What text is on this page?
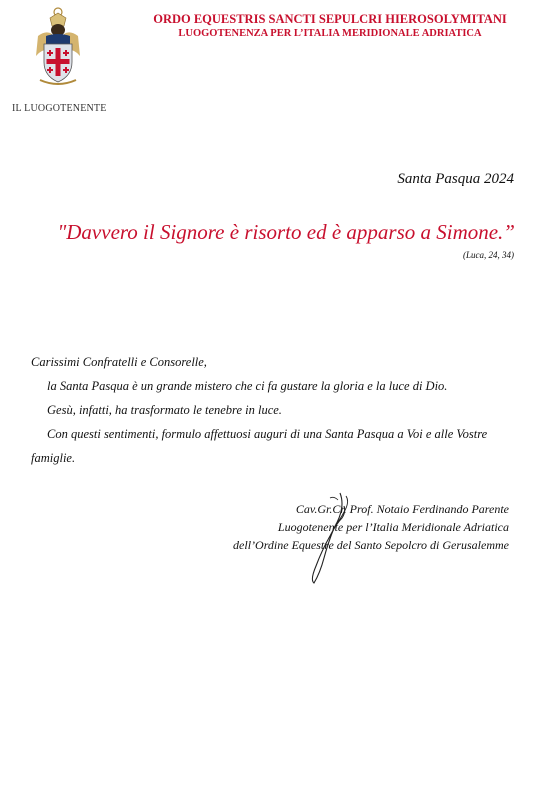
IL LUOGOTENENTE
ORDO EQUESTRIS SANCTI SEPULCRI HIEROSOLYMITANI
LUOGOTENENZA PER L’ITALIA MERIDIONALE ADRIATICA
Santa Pasqua 2024
"Davvero il Signore è risorto ed è apparso a Simone.”
(Luca, 24, 34)

Carissimi Confratelli e Consorelle,

la Santa Pasqua è un grande mistero che ci fa gustare la gloria e la luce di Dio.

Gesù, infatti, ha trasformato le tenebre in luce.

Con questi sentimenti, formulo affettuosi auguri di una Santa Pasqua a Voi e alle Vostre famiglie.

Cav.Gr.Cr. Prof. Notaio Ferdinando Parente
Luogotenente per l’Italia Meridionale Adriatica
dell’Ordine Equestre del Santo Sepolcro di Gerusalemme
